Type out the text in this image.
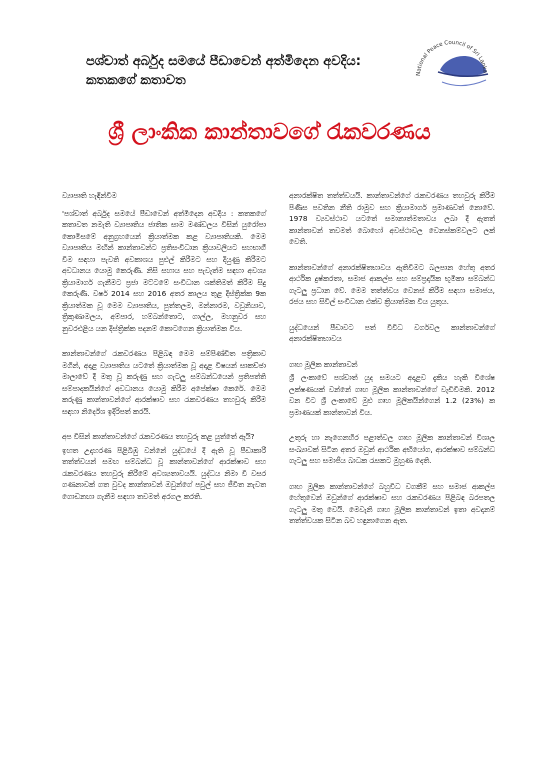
පශ්චාත් අර්බුද සමයේ පීඩාවෙන් අත්මිදෙන අවදිය: කතකගේ කතාවත	National Peace Council of Sri Lanka
ශ්‍රී ලාංකික කාන්තාවගේ රැකවරණය
ව්‍යාපෘති හැඳින්වීම

'පශ්චාත් අර්බුද සමයේ පීඩාවෙන් අත්මිදෙන අවදිය : කතකගේ කතාවත නමැති ව්‍යාපෘතිය ජාතික සාම මණ්ඩලය විසින් යුරෝපා කොමිසමේ අනුග්‍රහයෙන් ක්‍රියාත්මක කළ ව්‍යාපෘතියකි. මෙම ව්‍යාපෘතිය මඟින් කාන්තාවන්ට ප්‍රතිසංවිධාන ක්‍රියාවලියට සහභාගී වීම සඳහා පැවති අවකාශය පුළුල් කිරීමට සහ දියුණු කිරීමට අවධානය යොමු කෙරුණි. නිසි සහාය සහ පැවැත්ම සඳහා අවශ්‍ය ක්‍රියාමාර්ග ගැනීමට ප්‍රජා මට්ටමේ සංවිධාන ශක්තිමත් කිරීම සිදු කෙරුණි. වර්ෂ 2014 සහ 2016 අතර කාලය තුළ දිස්ත්‍රික්ක 9ක ක්‍රියාත්මක වූ මෙම ව්‍යාපෘතිය, පුත්තලම, මන්නාරම, වවුනියාව, ත්‍රිකුණාමලය, අම්පාර, හම්බන්තොට, ගාල්ල, මහනුවර සහ නුවරඑළිය යන දිස්ත්‍රික්ක පදනම් කොටගෙන ක්‍රියාත්මක විය.

කාන්තාවන්ගේ රැකවරණය පිළිබඳ මෙම සම්පිණ්ඩිත පත්‍රිකාව මගින්, අදාළ ව්‍යාපෘතිය යටතේ ක්‍රියාත්මක වූ අදාළ විෂයන් සාකච්ඡා මාලාවේ දී මතු වූ කරුණු සහ ගැටලු සම්බන්ධයෙන් ප්‍රතිපත්ති සම්පාදකයින්ගේ අවධානය යොමු කිරීම අපේක්ෂා කෙරේ. මෙම කරුණු කාන්තාවන්ගේ ආරක්ෂාව සහ රැකවරණය තහවුරු කිරීම සඳහා නිර්දේශ ඉදිරිපත් කරයි.

අප විසින් කාන්තාවන්ගේ රැකවරණය තහවුරු කළ යුත්තේ ඇයි?

ඉහත උදාහරණ පිළිබිඹු වන්නේ යුද්ධයේ දී ඇති වූ පීඩාකාරී තත්ත්වයන් සමඟ සම්බන්ධ වූ කාන්තාවන්ගේ ආරක්ෂාව සහ රැකවරණය තහවුරු කිරීමේ අවශ්‍යතාවයයි. යුද්ධය නිමා වී වසර ගණනාවක් ගත වුවද කාන්තාවන් ඔවුන්ගේ පවුල් සහ ජීවිත නැවත ගොඩනඟා ගැනීම සඳහා තවමත් අරගල කරති.

අනාරක්ෂිත තත්ත්වයයි. කාන්තාවන්ගේ රැකවරණය තහවුරු කිරීම පිණිස පවතින නීති රාමුව සහ ක්‍රියාමාර්ග ප්‍රමාණවත් නොවේ. 1978 ව්‍යවස්ථාව යටතේ සමානාත්මතාවය ලබා දී ඇතත් කාන්තාවන් තවමත් බොහෝ අවස්ථාවල වෙනස්කම්වලට ලක් වෙති.

කාන්තාවන්ගේ අනාරක්ෂිතභාවය ඇතිවීමට බලපාන හේතු අතර ආර්ථික දුෂ්කරතා, සමාජ ආකල්ප සහ සම්ප්‍රදායික භූමිකා සම්බන්ධ ගැටලු ප්‍රධාන වේ. මෙම තත්ත්වය වෙනස් කිරීම සඳහා සමාජය, රජය සහ සිවිල් සංවිධාන එක්ව ක්‍රියාත්මක විය යුතුය.

යුද්ධයෙන් පීඩාවට පත් විවිධ වර්ගවල කාන්තාවන්ගේ අනාරක්ෂිතභාවය
ගෘහ මූලික කාන්තාවන්

ශ්‍රී ලංකාවේ පශ්චාත් යුද සමයට අදාළව දැකිය හැකි විශේෂ ලක්ෂණයක් වන්නේ ගෘහ මූලික කාන්තාවන්ගේ වැඩිවීමකි. 2012 වන විට ශ්‍රී ලංකාවේ මුළු ගෘහ මූලිකයින්ගෙන් 1.2 (23%) ක ප්‍රමාණයක් කාන්තාවන් විය.

උතුරු හා නැගෙනහිර පළාත්වල ගෘහ මූලික කාන්තාවන් විශාල සංඛ්‍යාවක් සිටින අතර ඔවුන් ආර්ථික අභියෝග, ආරක්ෂාව සම්බන්ධ ගැටලු සහ සමාජීය බාධක රැසකට මුහුණ දෙති.

ගෘහ මූලික කාන්තාවන්ගේ බහුවිධ වගකීම් සහ සමාජ ආකල්ප හේතුවෙන් ඔවුන්ගේ ආරක්ෂාව සහ රැකවරණය පිළිබඳ බරපතල ගැටලු මතු වෙයි. මෙවැනි ගෘහ මූලික කාන්තාවන් ඉතා අවදානම් තත්ත්වයක සිටින බව හඳුනාගෙන ඇත.
